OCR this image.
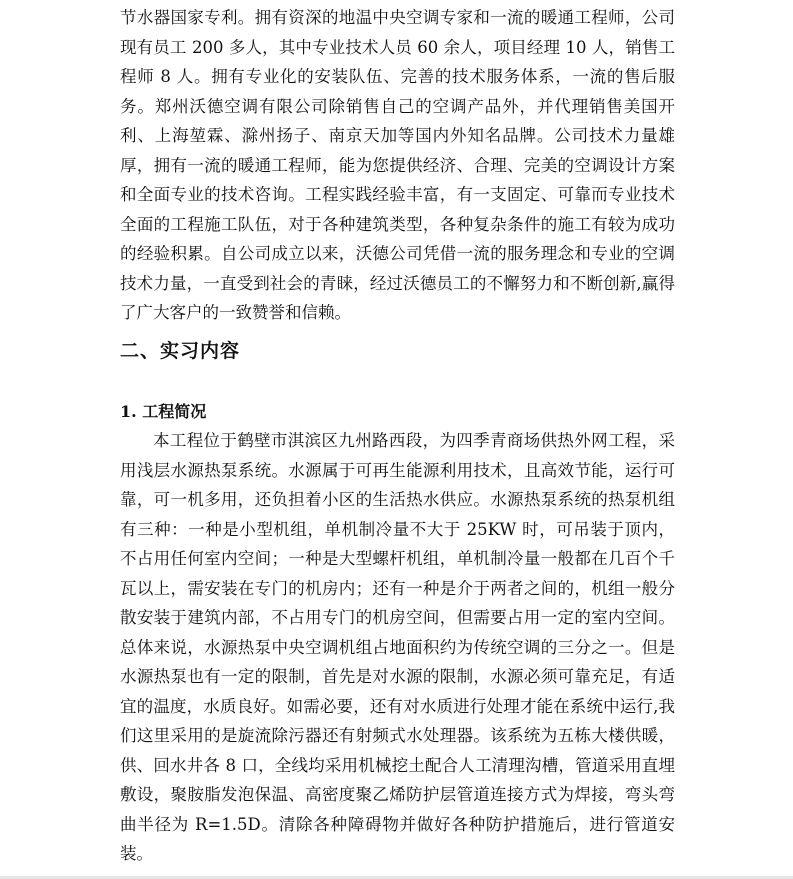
节水器国家专利。拥有资深的地温中央空调专家和一流的暖通工程师，公司现有员工 200 多人，其中专业技术人员 60 余人，项目经理 10 人，销售工程师 8 人。拥有专业化的安装队伍、完善的技术服务体系，一流的售后服务。郑州沃德空调有限公司除销售自己的空调产品外，并代理销售美国开利、上海堃霖、滁州扬子、南京天加等国内外知名品牌。公司技术力量雄厚，拥有一流的暖通工程师，能为您提供经济、合理、完美的空调设计方案和全面专业的技术咨询。工程实践经验丰富，有一支固定、可靠而专业技术全面的工程施工队伍，对于各种建筑类型，各种复杂条件的施工有较为成功的经验积累。自公司成立以来，沃德公司凭借一流的服务理念和专业的空调技术力量，一直受到社会的青睐，经过沃德员工的不懈努力和不断创新,赢得了广大客户的一致赞誉和信赖。

二、实习内容
1. 工程简况

本工程位于鹤壁市淇滨区九州路西段，为四季青商场供热外网工程，采用浅层水源热泵系统。水源属于可再生能源利用技术，且高效节能，运行可靠，可一机多用，还负担着小区的生活热水供应。水源热泵系统的热泵机组有三种：一种是小型机组，单机制冷量不大于 25KW 时，可吊装于顶内，不占用任何室内空间；一种是大型螺杆机组，单机制冷量一般都在几百个千瓦以上，需安装在专门的机房内；还有一种是介于两者之间的，机组一般分散安装于建筑内部，不占用专门的机房空间，但需要占用一定的室内空间。总体来说，水源热泵中央空调机组占地面积约为传统空调的三分之一。但是水源热泵也有一定的限制，首先是对水源的限制，水源必须可靠充足，有适宜的温度，水质良好。如需必要，还有对水质进行处理才能在系统中运行,我们这里采用的是旋流除污器还有射频式水处理器。该系统为五栋大楼供暖，供、回水井各 8 口，全线均采用机械挖土配合人工清理沟槽，管道采用直埋敷设，聚胺脂发泡保温、高密度聚乙烯防护层管道连接方式为焊接，弯头弯曲半径为 R=1.5D。清除各种障碍物并做好各种防护措施后，进行管道安装。
